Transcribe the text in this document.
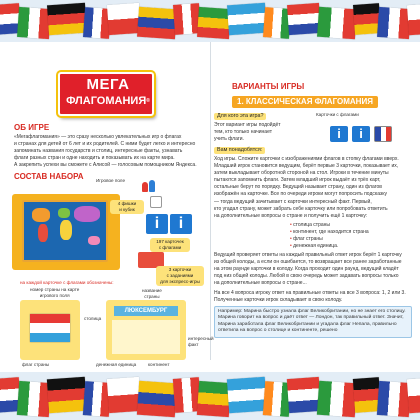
МЕГА
ФЛАГОМАНИЯ®
ОБ ИГРЕ
«Мегафлагомания» — это сразу несколько увлекательных игр о флагах
и странах для детей от 6 лет и их родителей. С ними будет легко и интересно
запоминать названия государств и столиц, интересные факты, узнавать
флаги разных стран и одне находить и показывать их на карте мира.
А закрепить успехи вы сможете с Алисой — голосовым помощником Яндекса.
СОСТАВ НАБОРА	Игровое поле
4 фишки
и кубик
i	i
197 карточек
с флагами
3 карточки
с заданиями
для экспресс-игры
на каждой карточке с флагами обозначены:
ЛЮКСЕМБУРГ
номер страны на карте
игрового поля
название
страны
столица
флаг страны	денежная единица	континент
интересный
факт
ВАРИАНТЫ ИГРЫ
1. КЛАССИЧЕСКАЯ ФЛАГОМАНИЯ
Для кого эта игра?
Этот вариант игры подойдёт
тем, кто только начинает
учить флаги.
Вам понадобятся:
Карточки с флагами
i	i
Ход игры. Сложите карточки с изображениями флагов в стопку флагами вверх.
Младший игрок становится ведущим, берёт первые 3 карточки, показывает их,
затем выкладывает оборотной стороной на стол. Игроки в течение минуты
пытаются запомнить флаги. Затем младший игрок выдаёт из трёх карт,
остальные берут по порядку. Ведущий называет страну, один из флагов
изображён на карточке. Все по очереди игроки могут попросить подсказку
— тогда ведущий зачитывает с карточки интересный факт. Первый,
кто угадал страну, может забрать себе карточку или попробовать ответить
на дополнительные вопросы о стране и получить ещё 1 карточку:
• столица страны
• континент, где находится страна
• флаг страны
• денежная единица.
Ведущий проверяет ответы на каждый правильный ответ игрок берёт 1 карточку
из общей колоды, а если он ошибается, то возвращает все ранее заработанные
на этом раунде карточки в колоду. Когда проходит один раунд, ведущий кладёт
под низ общей колоды. Любой в свою очередь может задавать вопросы только
на дополнительные вопросы о стране...
На все 4 вопроса игроку ответ на правильные ответы на все 3 вопроса: 1, 2 или 3.
Полученные карточки игрок складывает в свою колоду.
Например: Марина быстро узнала флаг Великобритании, но не знает его столицу. Марина говорит на вопрос и даёт ответ — Лондон, так правильный ответ. Значит, Марина заработала флаг Великобритании и угадала флаг Непала, правильно ответила на вопрос о столице и континенте, решено
